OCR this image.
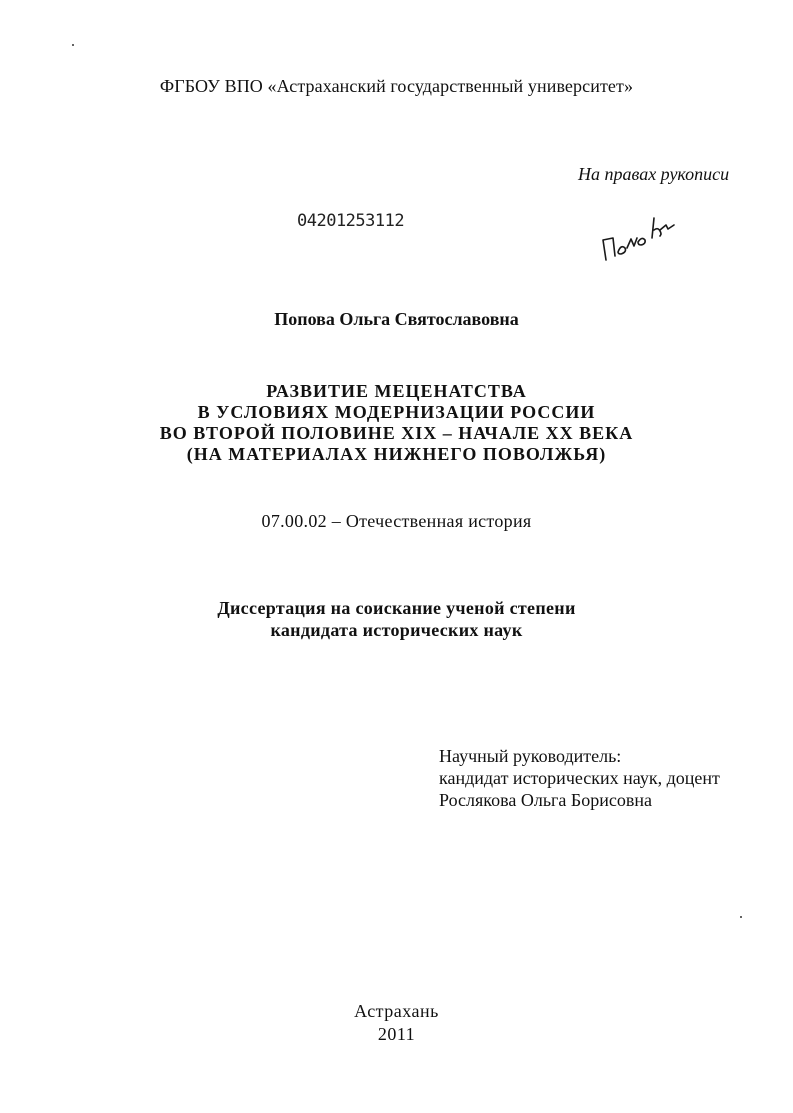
ФГБОУ ВПО «Астраханский государственный университет»
На правах рукописи
04201253112
Попова Ольга Святославовна
РАЗВИТИЕ МЕЦЕНАТСТВА
В УСЛОВИЯХ МОДЕРНИЗАЦИИ РОССИИ
ВО ВТОРОЙ ПОЛОВИНЕ XIX – НАЧАЛЕ XX ВЕКА
(НА МАТЕРИАЛАХ НИЖНЕГО ПОВОЛЖЬЯ)
07.00.02 – Отечественная история
Диссертация на соискание ученой степени
кандидата исторических наук
Научный руководитель:
кандидат исторических наук, доцент
Рослякова Ольга Борисовна
Астрахань
2011
